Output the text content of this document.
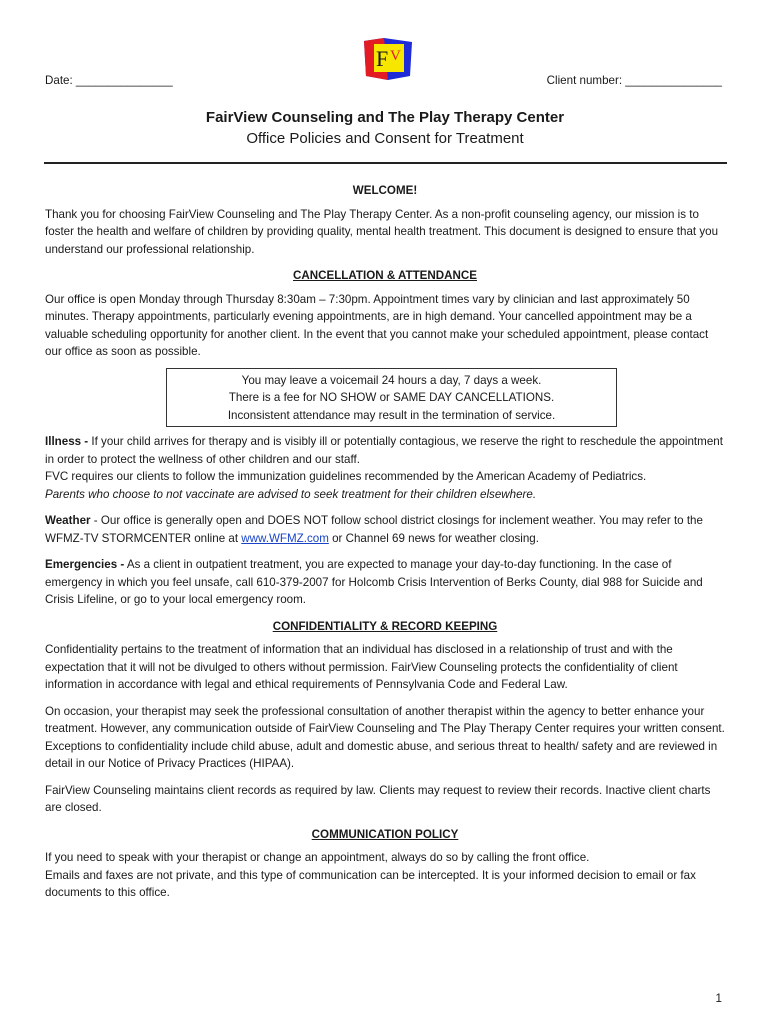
F V
Date: _______________	Client number: _______________
FairView Counseling and The Play Therapy Center
Office Policies and Consent for Treatment

WELCOME!

Thank you for choosing FairView Counseling and The Play Therapy Center. As a non-profit counseling agency, our mission is to foster the health and welfare of children by providing quality, mental health treatment. This document is designed to ensure that you understand our professional relationship.

CANCELLATION & ATTENDANCE

Our office is open Monday through Thursday 8:30am – 7:30pm. Appointment times vary by clinician and last approximately 50 minutes. Therapy appointments, particularly evening appointments, are in high demand. Your cancelled appointment may be a valuable scheduling opportunity for another client. In the event that you cannot make your scheduled appointment, please contact our office as soon as possible.

You may leave a voicemail 24 hours a day, 7 days a week.
There is a fee for NO SHOW or SAME DAY CANCELLATIONS.
Inconsistent attendance may result in the termination of service.

Illness - If your child arrives for therapy and is visibly ill or potentially contagious, we reserve the right to reschedule the appointment in order to protect the wellness of other children and our staff.

FVC requires our clients to follow the immunization guidelines recommended by the American Academy of Pediatrics.

Parents who choose to not vaccinate are advised to seek treatment for their children elsewhere.

Weather - Our office is generally open and DOES NOT follow school district closings for inclement weather. You may refer to the WFMZ-TV STORMCENTER online at www.WFMZ.com or Channel 69 news for weather closing.

Emergencies - As a client in outpatient treatment, you are expected to manage your day-to-day functioning. In the case of emergency in which you feel unsafe, call 610-379-2007 for Holcomb Crisis Intervention of Berks County, dial 988 for Suicide and Crisis Lifeline, or go to your local emergency room.

CONFIDENTIALITY & RECORD KEEPING

Confidentiality pertains to the treatment of information that an individual has disclosed in a relationship of trust and with the expectation that it will not be divulged to others without permission. FairView Counseling protects the confidentiality of client information in accordance with legal and ethical requirements of Pennsylvania Code and Federal Law.

On occasion, your therapist may seek the professional consultation of another therapist within the agency to better enhance your treatment. However, any communication outside of FairView Counseling and The Play Therapy Center requires your written consent. Exceptions to confidentiality include child abuse, adult and domestic abuse, and serious threat to health/ safety and are reviewed in detail in our Notice of Privacy Practices (HIPAA).

FairView Counseling maintains client records as required by law. Clients may request to review their records. Inactive client charts are closed.

COMMUNICATION POLICY

If you need to speak with your therapist or change an appointment, always do so by calling the front office.

Emails and faxes are not private, and this type of communication can be intercepted. It is your informed decision to email or fax documents to this office.

1
